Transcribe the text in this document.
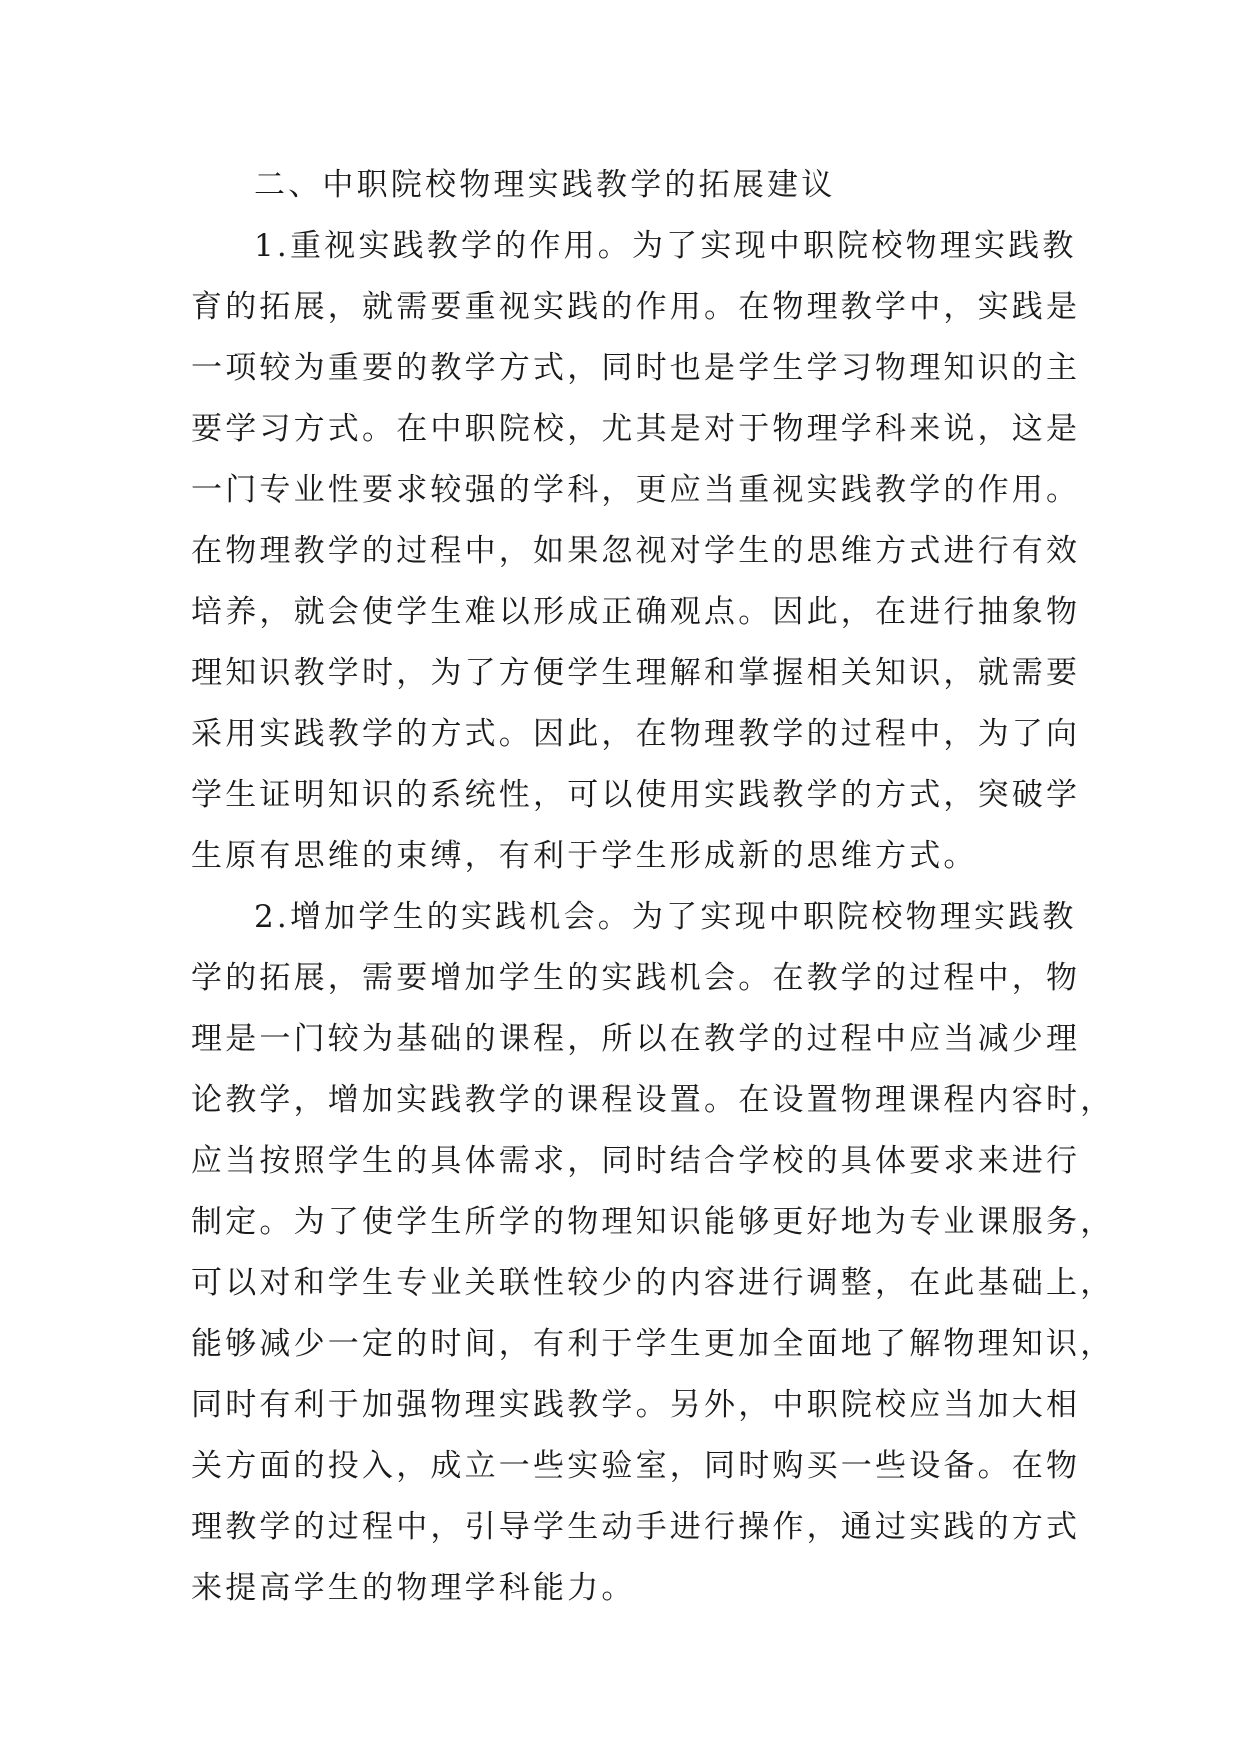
二、中职院校物理实践教学的拓展建议
1.重视实践教学的作用。为了实现中职院校物理实践教
育的拓展，就需要重视实践的作用。在物理教学中，实践是
一项较为重要的教学方式，同时也是学生学习物理知识的主
要学习方式。在中职院校，尤其是对于物理学科来说，这是
一门专业性要求较强的学科，更应当重视实践教学的作用。
在物理教学的过程中，如果忽视对学生的思维方式进行有效
培养，就会使学生难以形成正确观点。因此，在进行抽象物
理知识教学时，为了方便学生理解和掌握相关知识，就需要
采用实践教学的方式。因此，在物理教学的过程中，为了向
学生证明知识的系统性，可以使用实践教学的方式，突破学
生原有思维的束缚，有利于学生形成新的思维方式。
2.增加学生的实践机会。为了实现中职院校物理实践教
学的拓展，需要增加学生的实践机会。在教学的过程中，物
理是一门较为基础的课程，所以在教学的过程中应当减少理
论教学，增加实践教学的课程设置。在设置物理课程内容时，
应当按照学生的具体需求，同时结合学校的具体要求来进行
制定。为了使学生所学的物理知识能够更好地为专业课服务，
可以对和学生专业关联性较少的内容进行调整，在此基础上，
能够减少一定的时间，有利于学生更加全面地了解物理知识，
同时有利于加强物理实践教学。另外，中职院校应当加大相
关方面的投入，成立一些实验室，同时购买一些设备。在物
理教学的过程中，引导学生动手进行操作，通过实践的方式
来提高学生的物理学科能力。
